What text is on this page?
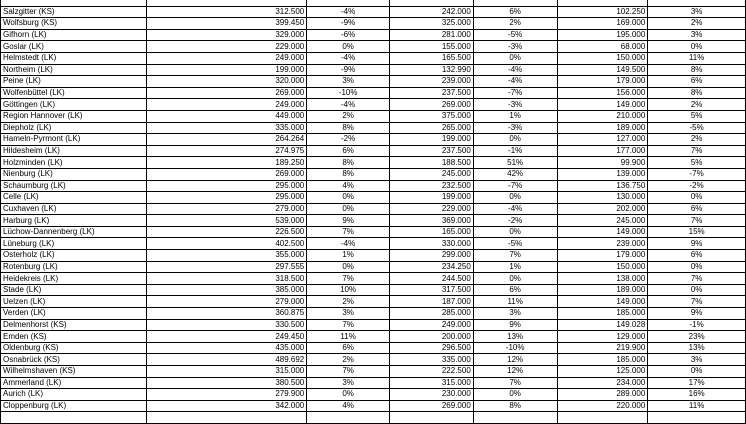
Salzgitter (KS)	312.500	-4%	242.000	6%	102.250	3%
Wolfsburg (KS)	399.450	-9%	325.000	2%	169.000	2%
Gifhorn (LK)	329.000	-6%	281.000	-5%	195.000	3%
Goslar (LK)	229.000	0%	155.000	-3%	68.000	0%
Helmstedt (LK)	249.000	-4%	165.500	0%	150.000	11%
Northeim (LK)	199.000	-9%	132.990	-4%	149.500	8%
Peine (LK)	320.000	3%	239.000	-4%	179.000	6%
Wolfenbüttel (LK)	269.000	-10%	237.500	-7%	156.000	8%
Göttingen (LK)	249.000	-4%	269.000	-3%	149.000	2%
Region Hannover (LK)	449.000	2%	375.000	1%	210.000	5%
Diepholz (LK)	335.000	8%	265.000	-3%	189.000	-5%
Hameln-Pyrmont (LK)	264.264	-2%	199.000	0%	127.000	2%
Hildesheim (LK)	274.975	6%	237.500	-1%	177.000	7%
Holzminden (LK)	189.250	8%	188.500	51%	99.900	5%
Nienburg (LK)	269.000	8%	245.000	42%	139.000	-7%
Schaumburg (LK)	295.000	4%	232.500	-7%	136.750	-2%
Celle (LK)	295.000	0%	199.000	0%	130.000	0%
Cuxhaven (LK)	279.000	0%	229.000	-4%	202.000	6%
Harburg (LK)	539.000	9%	369.000	-2%	245.000	7%
Lüchow-Dannenberg (LK)	226.500	7%	165.000	0%	149.000	15%
Lüneburg (LK)	402.500	-4%	330.000	-5%	239.000	9%
Osterholz (LK)	355.000	1%	299.000	7%	179.000	6%
Rotenburg (LK)	297.555	0%	234.250	1%	150.000	0%
Heidekreis (LK)	318.500	7%	244.500	0%	138.000	7%
Stade (LK)	385.000	10%	317.500	6%	189.000	0%
Uelzen (LK)	279.000	2%	187.000	11%	149.000	7%
Verden (LK)	360.875	3%	285.000	3%	185.000	9%
Delmenhorst (KS)	330.500	7%	249.000	9%	149.028	-1%
Emden (KS)	249.450	11%	200.000	13%	129.000	23%
Oldenburg (KS)	435.000	6%	296.500	-10%	219.900	13%
Osnabrück (KS)	489.692	2%	335.000	12%	185.000	3%
Wilhelmshaven (KS)	315.000	7%	222.500	12%	125.000	0%
Ammerland (LK)	380.500	3%	315.000	7%	234.000	17%
Aurich (LK)	279.900	0%	230.000	0%	289.000	16%
Cloppenburg (LK)	342.000	4%	269.000	8%	220.000	11%
